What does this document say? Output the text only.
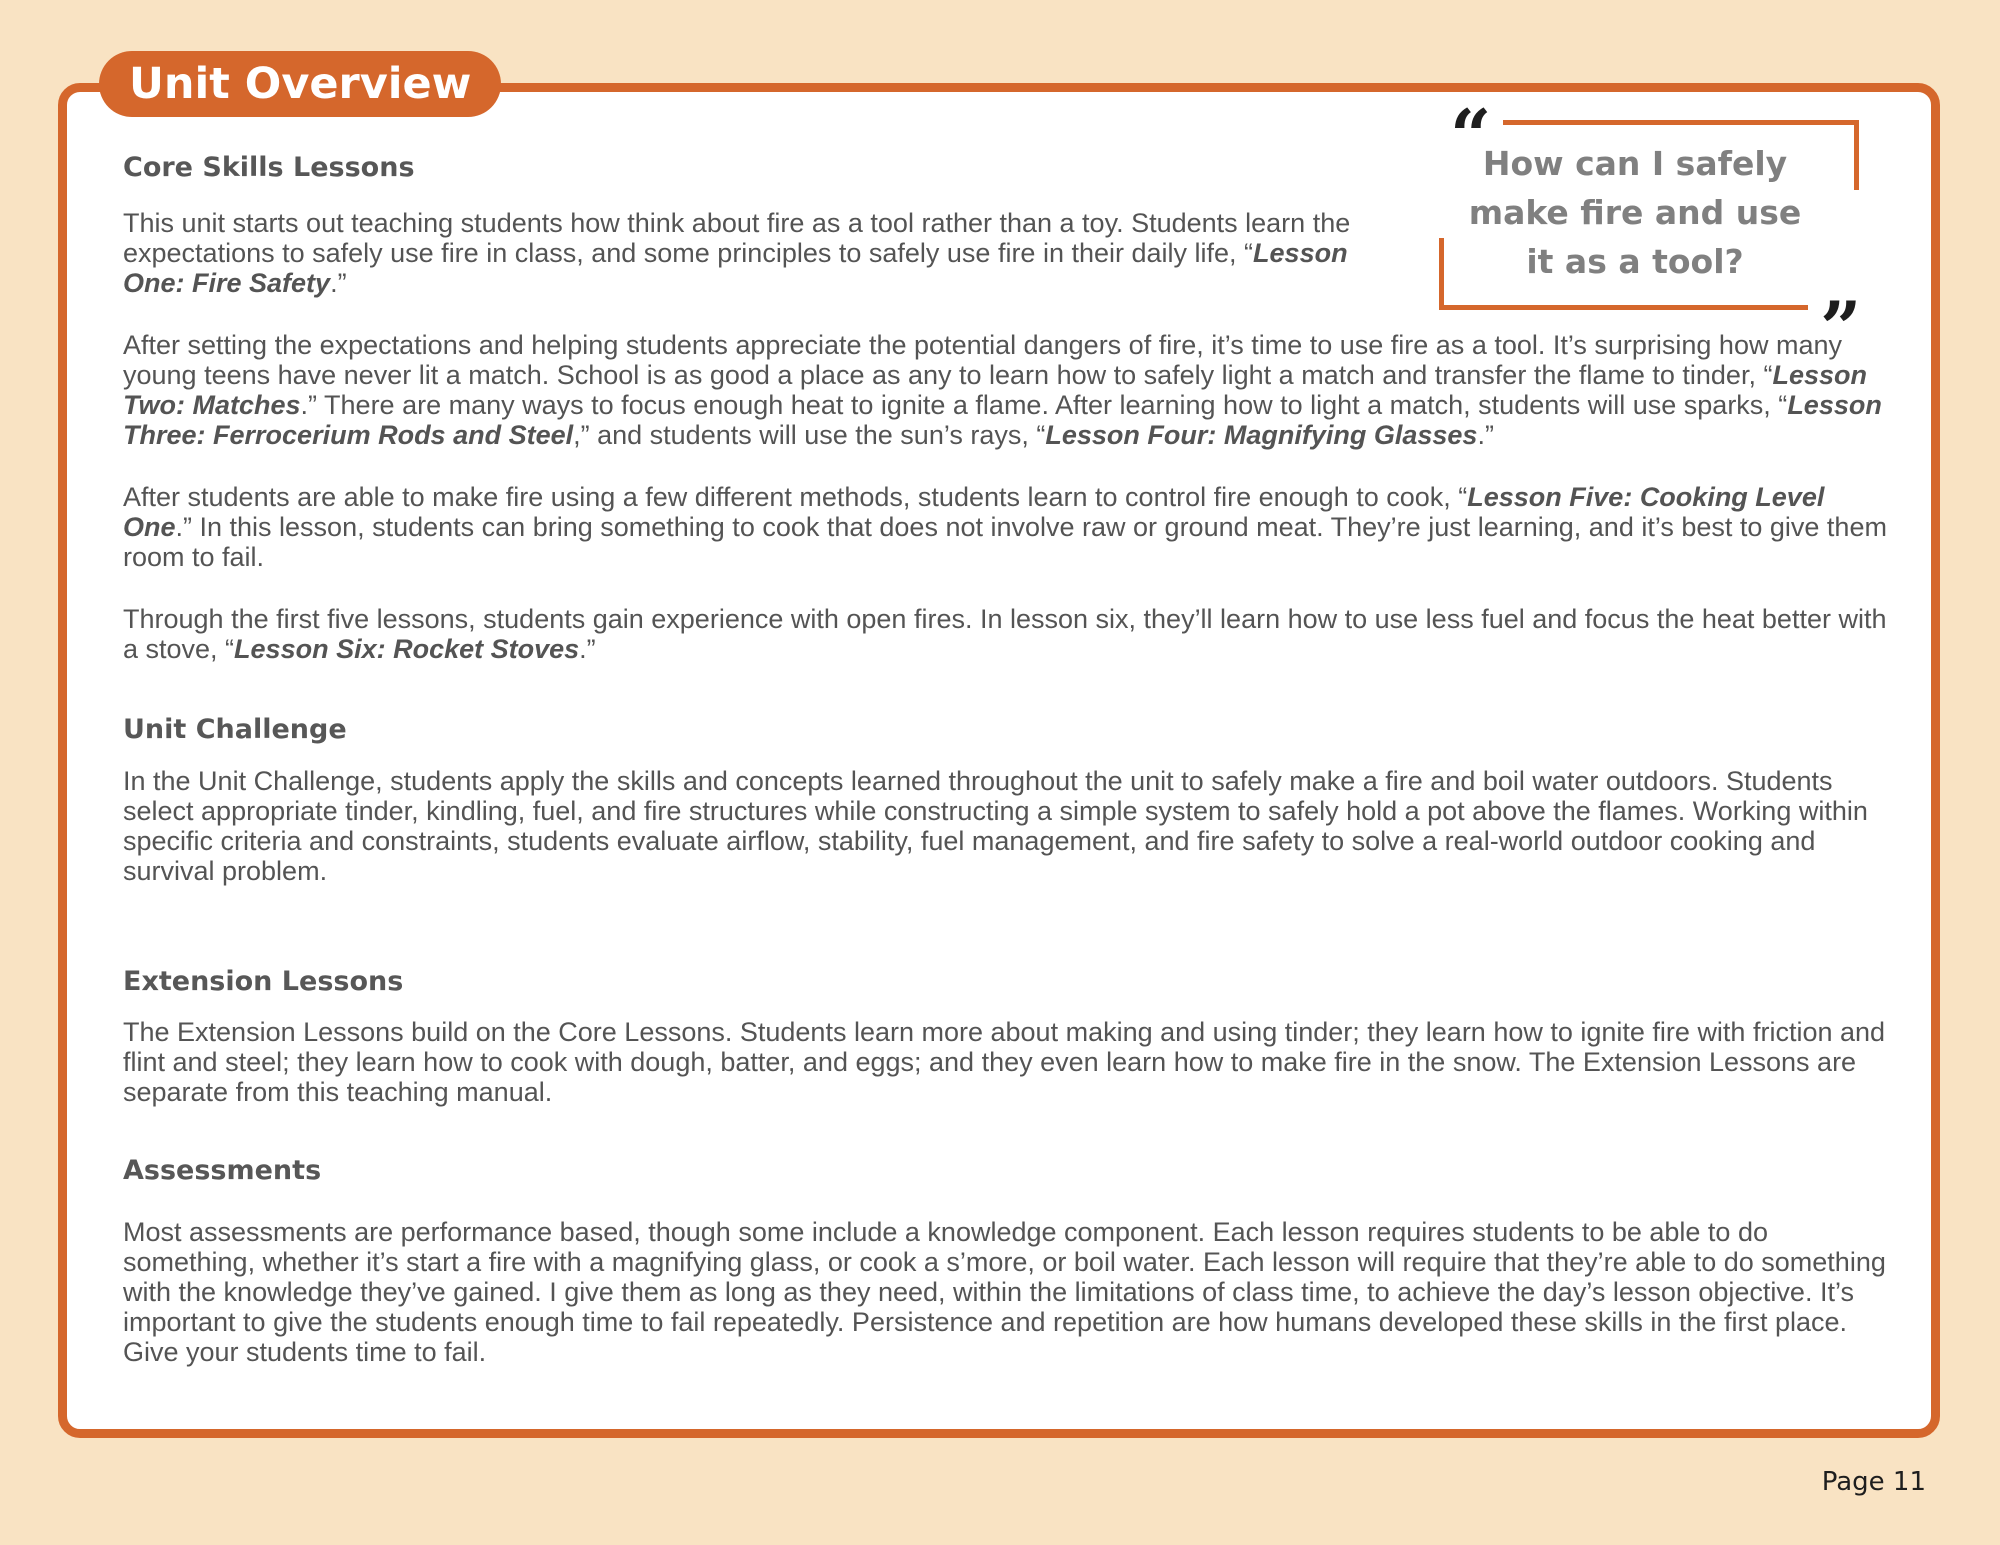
Unit Overview
“
”
How can I safely make fire and use it as a tool?
Core Skills Lessons

This unit starts out teaching students how think about fire as a tool rather than a toy. Students learn the expectations to safely use fire in class, and some principles to safely use fire in their daily life, “Lesson One: Fire Safety.”

After setting the expectations and helping students appreciate the potential dangers of fire, it’s time to use fire as a tool. It’s surprising how many young teens have never lit a match. School is as good a place as any to learn how to safely light a match and transfer the flame to tinder, “Lesson Two: Matches.” There are many ways to focus enough heat to ignite a flame. After learning how to light a match, students will use sparks, “Lesson Three: Ferrocerium Rods and Steel,” and students will use the sun’s rays, “Lesson Four: Magnifying Glasses.”

After students are able to make fire using a few different methods, students learn to control fire enough to cook, “Lesson Five: Cooking Level One.” In this lesson, students can bring something to cook that does not involve raw or ground meat. They’re just learning, and it’s best to give them room to fail.

Through the first five lessons, students gain experience with open fires. In lesson six, they’ll learn how to use less fuel and focus the heat better with a stove, “Lesson Six: Rocket Stoves.”

Unit Challenge

In the Unit Challenge, students apply the skills and concepts learned throughout the unit to safely make a fire and boil water outdoors. Students select appropriate tinder, kindling, fuel, and fire structures while constructing a simple system to safely hold a pot above the flames. Working within specific criteria and constraints, students evaluate airflow, stability, fuel management, and fire safety to solve a real-world outdoor cooking and survival problem.

Extension Lessons

The Extension Lessons build on the Core Lessons. Students learn more about making and using tinder; they learn how to ignite fire with friction and flint and steel; they learn how to cook with dough, batter, and eggs; and they even learn how to make fire in the snow. The Extension Lessons are separate from this teaching manual.

Assessments

Most assessments are performance based, though some include a knowledge component. Each lesson requires students to be able to do something, whether it’s start a fire with a magnifying glass, or cook a s’more, or boil water. Each lesson will require that they’re able to do something with the knowledge they’ve gained. I give them as long as they need, within the limitations of class time, to achieve the day’s lesson objective. It’s important to give the students enough time to fail repeatedly. Persistence and repetition are how humans developed these skills in the first place. Give your students time to fail.

Page 11
